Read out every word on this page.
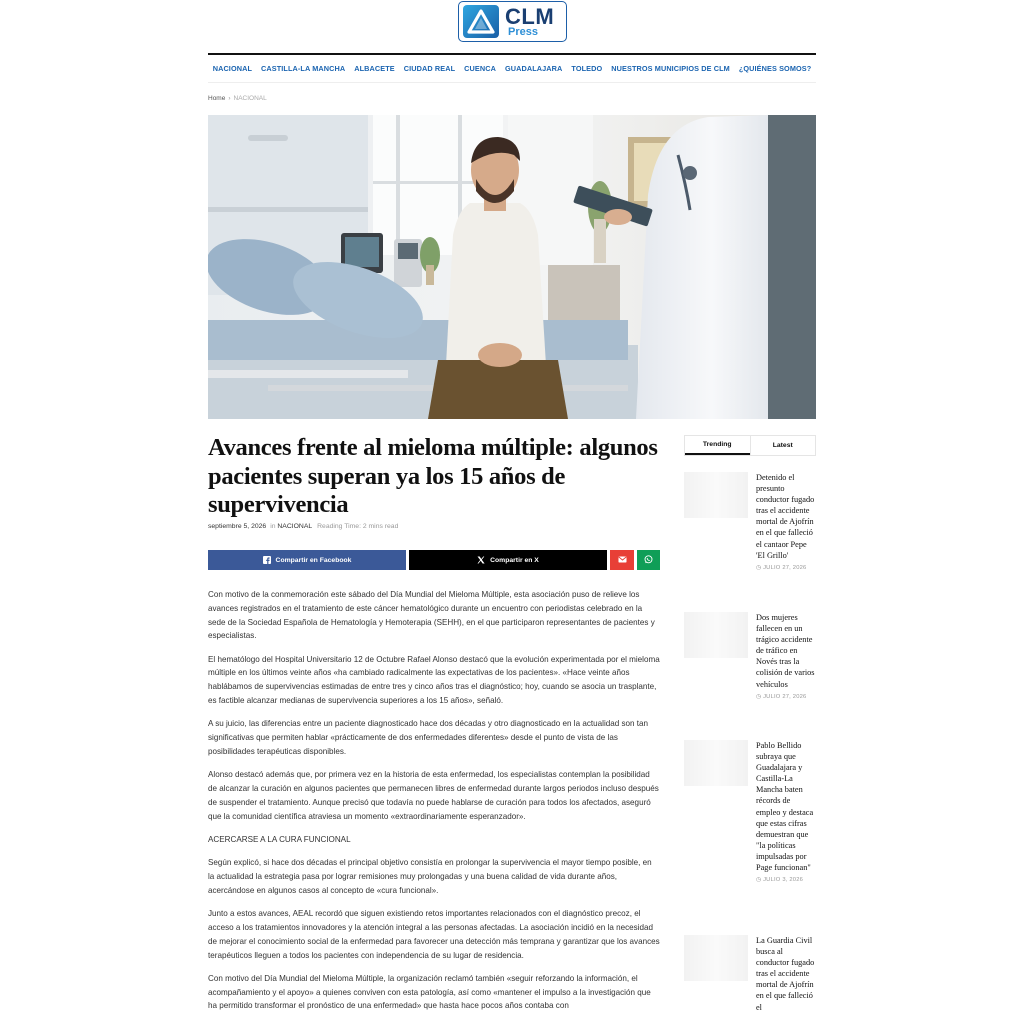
CLM
Press
NACIONAL CASTILLA-LA MANCHA ALBACETE CIUDAD REAL CUENCA GUADALAJARA TOLEDO NUESTROS MUNICIPIOS DE CLM ¿QUIÉNES SOMOS?
Home › NACIONAL
Avances frente al mieloma múltiple: algunos pacientes superan ya los 15 años de supervivencia
septiembre 5, 2026 in NACIONAL Reading Time: 2 mins read
Compartir en Facebook	Compartir en X

Con motivo de la conmemoración este sábado del Día Mundial del Mieloma Múltiple, esta asociación puso de relieve los avances registrados en el tratamiento de este cáncer hematológico durante un encuentro con periodistas celebrado en la sede de la Sociedad Española de Hematología y Hemoterapia (SEHH), en el que participaron representantes de pacientes y especialistas.

El hematólogo del Hospital Universitario 12 de Octubre Rafael Alonso destacó que la evolución experimentada por el mieloma múltiple en los últimos veinte años «ha cambiado radicalmente las expectativas de los pacientes». «Hace veinte años hablábamos de supervivencias estimadas de entre tres y cinco años tras el diagnóstico; hoy, cuando se asocia un trasplante, es factible alcanzar medianas de supervivencia superiores a los 15 años», señaló.

A su juicio, las diferencias entre un paciente diagnosticado hace dos décadas y otro diagnosticado en la actualidad son tan significativas que permiten hablar «prácticamente de dos enfermedades diferentes» desde el punto de vista de las posibilidades terapéuticas disponibles.

Alonso destacó además que, por primera vez en la historia de esta enfermedad, los especialistas contemplan la posibilidad de alcanzar la curación en algunos pacientes que permanecen libres de enfermedad durante largos periodos incluso después de suspender el tratamiento. Aunque precisó que todavía no puede hablarse de curación para todos los afectados, aseguró que la comunidad científica atraviesa un momento «extraordinariamente esperanzador».

ACERCARSE A LA CURA FUNCIONAL

Según explicó, si hace dos décadas el principal objetivo consistía en prolongar la supervivencia el mayor tiempo posible, en la actualidad la estrategia pasa por lograr remisiones muy prolongadas y una buena calidad de vida durante años, acercándose en algunos casos al concepto de «cura funcional».

Junto a estos avances, AEAL recordó que siguen existiendo retos importantes relacionados con el diagnóstico precoz, el acceso a los tratamientos innovadores y la atención integral a las personas afectadas. La asociación incidió en la necesidad de mejorar el conocimiento social de la enfermedad para favorecer una detección más temprana y garantizar que los avances terapéuticos lleguen a todos los pacientes con independencia de su lugar de residencia.

Con motivo del Día Mundial del Mieloma Múltiple, la organización reclamó también «seguir reforzando la información, el acompañamiento y el apoyo» a quienes conviven con esta patología, así como «mantener el impulso a la investigación que ha permitido transformar el pronóstico de una enfermedad» que hasta hace pocos años contaba con

Trending	Latest
Detenido el presunto conductor fugado tras el accidente mortal de Ajofrín en el que falleció el cantaor Pepe 'El Grillo'
◷ JULIO 27, 2026
Dos mujeres fallecen en un trágico accidente de tráfico en Novés tras la colisión de varios vehículos
◷ JULIO 27, 2026
Pablo Bellido subraya que Guadalajara y Castilla-La Mancha baten récords de empleo y destaca que estas cifras demuestran que "la políticas impulsadas por Page funcionan"
◷ JULIO 3, 2026
La Guardia Civil busca al conductor fugado tras el accidente mortal de Ajofrín en el que falleció el
